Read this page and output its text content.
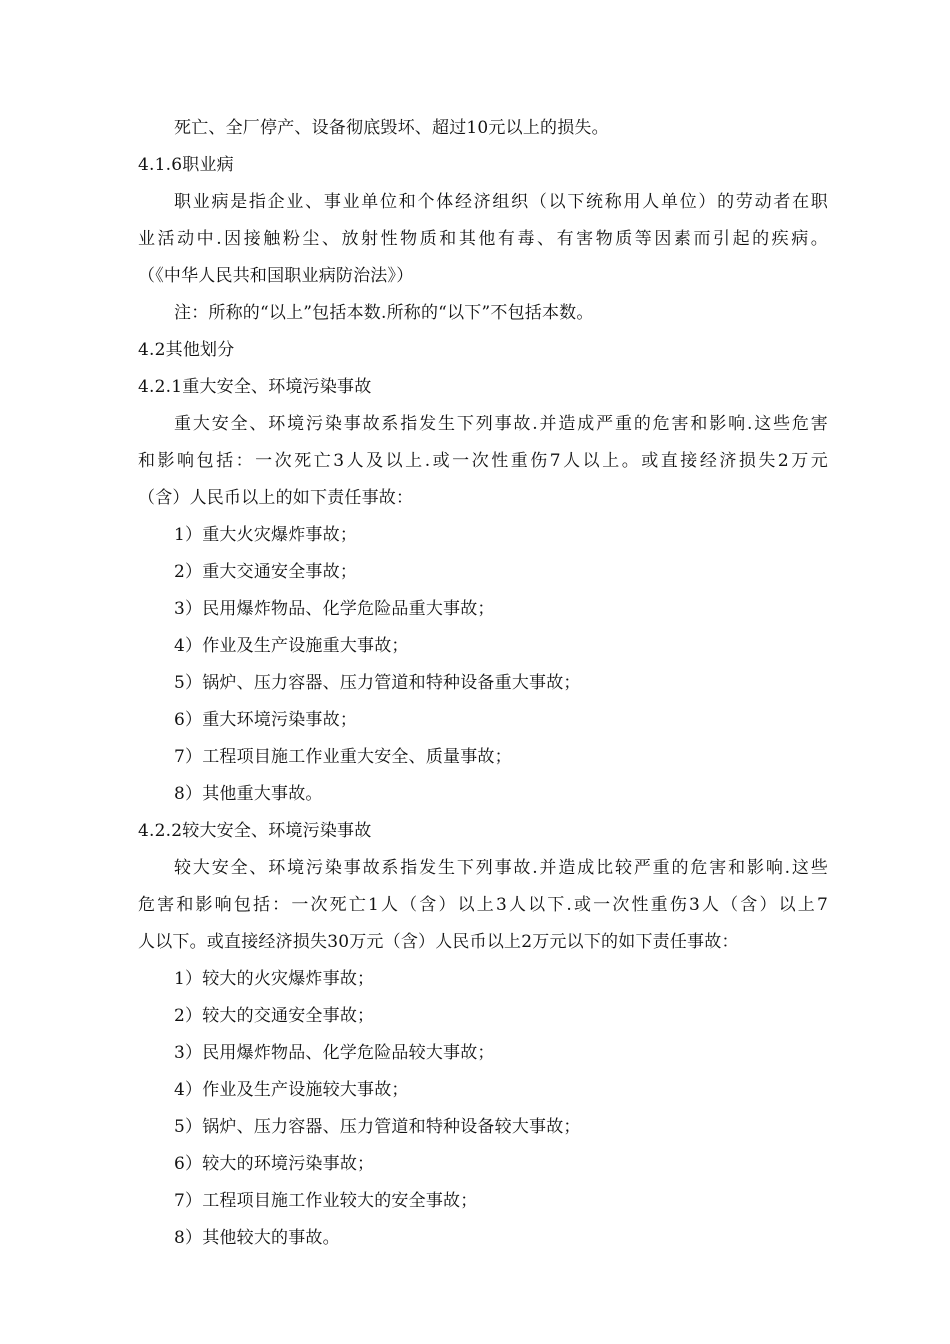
死亡、全厂停产、设备彻底毁坏、超过10元以上的损失。
4.1.6职业病
职业病是指企业、事业单位和个体经济组织（以下统称用人单位）的劳动者在职
业活动中.因接触粉尘、放射性物质和其他有毒、有害物质等因素而引起的疾病。
（《中华人民共和国职业病防治法》）
注：所称的“以上”包括本数.所称的“以下”不包括本数。
4.2其他划分
4.2.1重大安全、环境污染事故
重大安全、环境污染事故系指发生下列事故.并造成严重的危害和影响.这些危害
和影响包括：一次死亡3人及以上.或一次性重伤7人以上。或直接经济损失2万元
（含）人民币以上的如下责任事故：
1）重大火灾爆炸事故；
2）重大交通安全事故；
3）民用爆炸物品、化学危险品重大事故；
4）作业及生产设施重大事故；
5）锅炉、压力容器、压力管道和特种设备重大事故；
6）重大环境污染事故；
7）工程项目施工作业重大安全、质量事故；
8）其他重大事故。
4.2.2较大安全、环境污染事故
较大安全、环境污染事故系指发生下列事故.并造成比较严重的危害和影响.这些
危害和影响包括：一次死亡1人（含）以上3人以下.或一次性重伤3人（含）以上7
人以下。或直接经济损失30万元（含）人民币以上2万元以下的如下责任事故：
1）较大的火灾爆炸事故；
2）较大的交通安全事故；
3）民用爆炸物品、化学危险品较大事故；
4）作业及生产设施较大事故；
5）锅炉、压力容器、压力管道和特种设备较大事故；
6）较大的环境污染事故；
7）工程项目施工作业较大的安全事故；
8）其他较大的事故。
